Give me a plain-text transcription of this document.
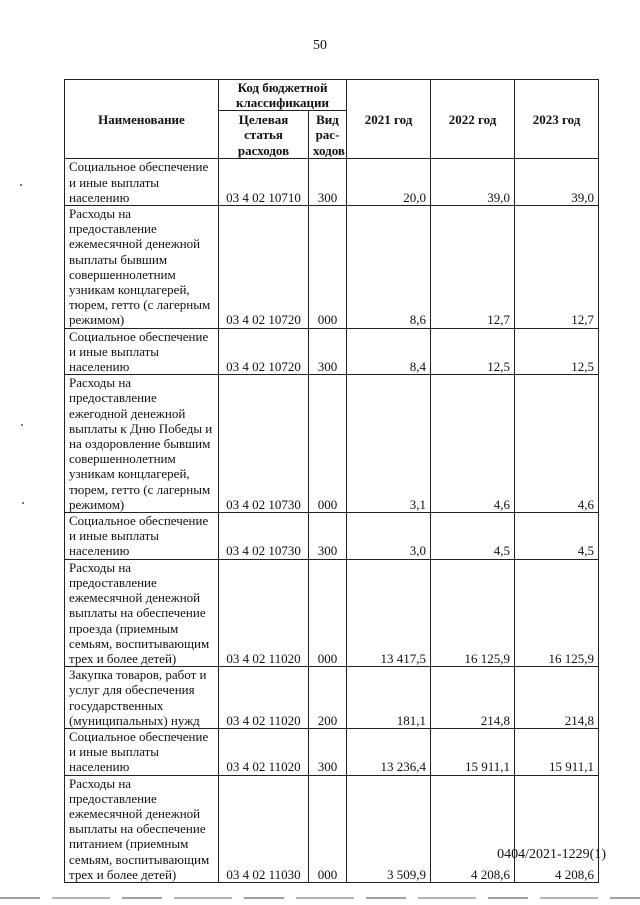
50
Наименование	Код бюджетной классификации		2021 год	2022 год	2023 год
	Целевая статья расходов	Вид рас-ходов			
Социальное обеспечение и иные выплаты населению	03 4 02 10710	300	20,0	39,0	39,0
Расходы на предоставление ежемесячной денежной выплаты бывшим совершеннолетним узникам концлагерей, тюрем, гетто (с лагерным режимом)	03 4 02 10720	000	8,6	12,7	12,7
Социальное обеспечение и иные выплаты населению	03 4 02 10720	300	8,4	12,5	12,5
Расходы на предоставление ежегодной денежной выплаты к Дню Победы и на оздоровление бывшим совершеннолетним узникам концлагерей, тюрем, гетто (с лагерным режимом)	03 4 02 10730	000	3,1	4,6	4,6
Социальное обеспечение и иные выплаты населению	03 4 02 10730	300	3,0	4,5	4,5
Расходы на предоставление ежемесячной денежной выплаты на обеспечение проезда (приемным семьям, воспитывающим трех и более детей)	03 4 02 11020	000	13 417,5	16 125,9	16 125,9
Закупка товаров, работ и услуг для обеспечения государственных (муниципальных) нужд	03 4 02 11020	200	181,1	214,8	214,8
Социальное обеспечение и иные выплаты населению	03 4 02 11020	300	13 236,4	15 911,1	15 911,1
Расходы на предоставление ежемесячной денежной выплаты на обеспечение питанием (приемным семьям, воспитывающим трех и более детей)	03 4 02 11030	000	3 509,9	4 208,6	4 208,6
0404/2021-1229(1)
